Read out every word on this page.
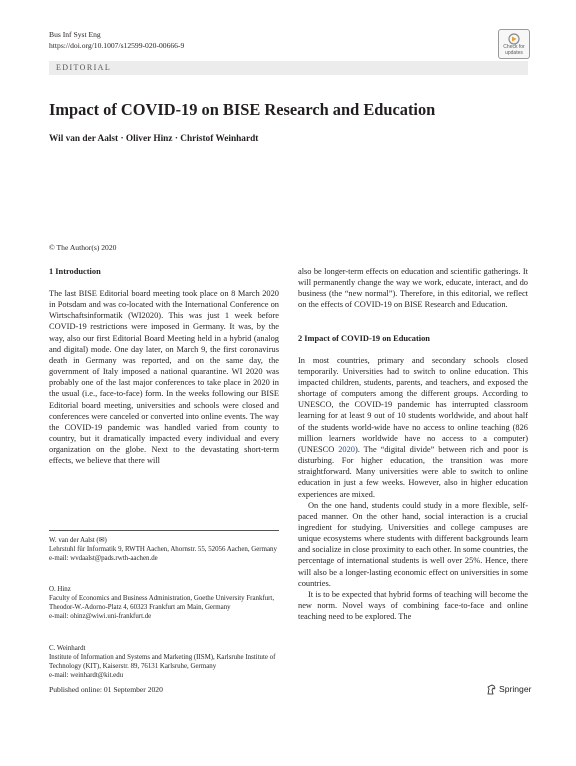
Bus Inf Syst Eng
https://doi.org/10.1007/s12599-020-00666-9	Check for
updates
EDITORIAL
Impact of COVID-19 on BISE Research and Education
Wil van der Aalst · Oliver Hinz · Christof Weinhardt
© The Author(s) 2020
1 Introduction

The last BISE Editorial board meeting took place on 8 March 2020 in Potsdam and was co-located with the International Conference on Wirtschaftsinformatik (WI2020). This was just 1 week before COVID-19 restrictions were imposed in Germany. It was, by the way, also our first Editorial Board Meeting held in a hybrid (analog and digital) mode. One day later, on March 9, the first coronavirus death in Germany was reported, and on the same day, the government of Italy imposed a national quarantine. WI 2020 was probably one of the last major conferences to take place in 2020 in the usual (i.e., face-to-face) form. In the weeks following our BISE Editorial board meeting, universities and schools were closed and conferences were canceled or converted into online events. The way the COVID-19 pandemic was handled varied from county to country, but it dramatically impacted every individual and every organization on the globe. Next to the devastating short-term effects, we believe that there will

also be longer-term effects on education and scientific gatherings. It will permanently change the way we work, educate, interact, and do business (the “new normal”). Therefore, in this editorial, we reflect on the effects of COVID-19 on BISE Research and Education.

2 Impact of COVID-19 on Education

In most countries, primary and secondary schools closed temporarily. Universities had to switch to online education. This impacted children, students, parents, and teachers, and exposed the shortage of computers among the different groups. According to UNESCO, the COVID-19 pandemic has interrupted classroom learning for at least 9 out of 10 students worldwide, and about half of the students world-wide have no access to online teaching (826 million learners worldwide have no access to a computer) (UNESCO 2020). The “digital divide” between rich and poor is disturbing. For higher education, the transition was more straightforward. Many universities were able to switch to online education in just a few weeks. However, also in higher education experiences are mixed.

On the one hand, students could study in a more flexible, self-paced manner. On the other hand, social interaction is a crucial ingredient for studying. Universities and college campuses are unique ecosystems where students with different backgrounds learn and socialize in close proximity to each other. In some countries, the percentage of international students is well over 25%. Hence, there will also be a longer-lasting economic effect on universities in some countries.

It is to be expected that hybrid forms of teaching will become the new norm. Novel ways of combining face-to-face and online teaching need to be explored. The

W. van der Aalst (✉)
Lehrstuhl für Informatik 9, RWTH Aachen, Ahornstr. 55, 52056 Aachen, Germany
e-mail: wvdaalst@pads.rwth-aachen.de
O. Hinz
Faculty of Economics and Business Administration, Goethe University Frankfurt, Theodor-W.-Adorno-Platz 4, 60323 Frankfurt am Main, Germany
e-mail: ohinz@wiwi.uni-frankfurt.de
C. Weinhardt
Institute of Information and Systems and Marketing (IISM), Karlsruhe Institute of Technology (KIT), Kaiserstr. 89, 76131 Karlsruhe, Germany
e-mail: weinhardt@kit.edu
Published online: 01 September 2020	Springer
